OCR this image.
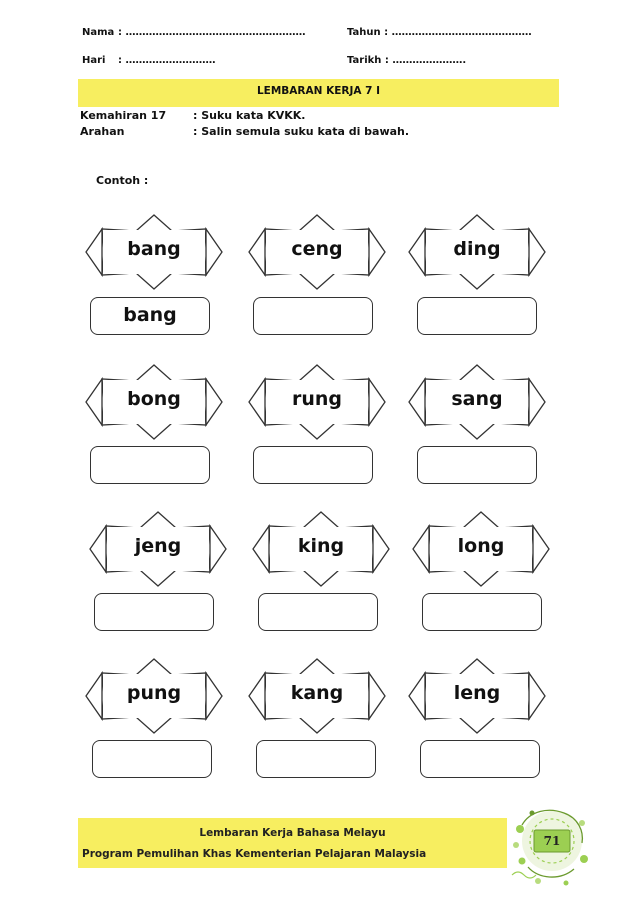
Nama : ………………………………………………	Tahun : ……………………………………
Hari : ………………………	Tarikh : ………………….
LEMBARAN KERJA 7 I
Kemahiran 17 : Suku kata KVKK.
Arahan	: Salin semula suku kata di bawah.
Contoh :
bang	ceng	ding
bang
bong	rung	sang
jeng	king	long
pung	kang	leng
Lembaran Kerja Bahasa Melayu
Program Pemulihan Khas Kementerian Pelajaran Malaysia
71
